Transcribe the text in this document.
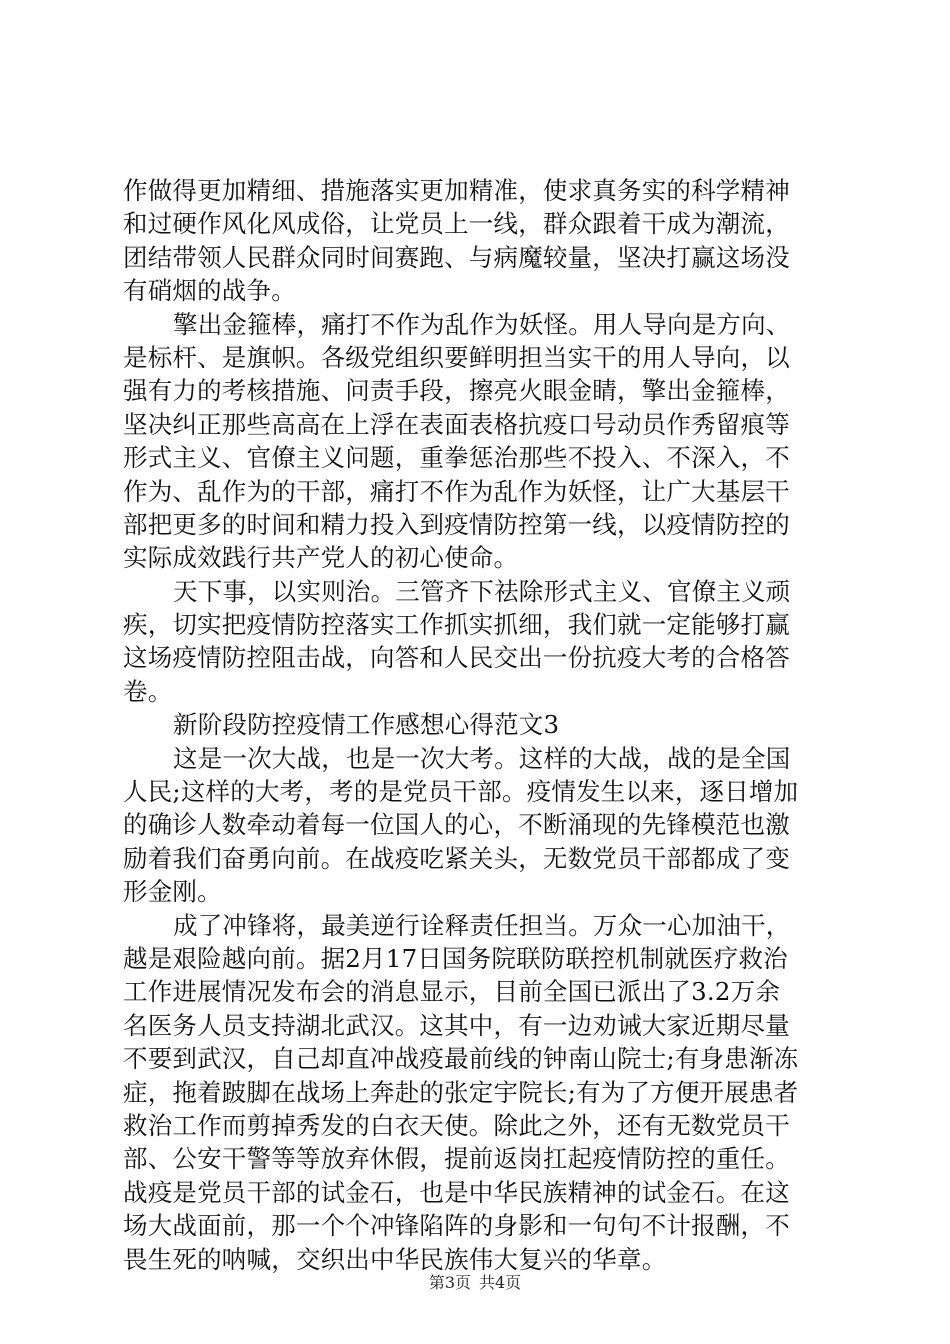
作做得更加精细、措施落实更加精准，使求真务实的科学精神
和过硬作风化风成俗，让党员上一线，群众跟着干成为潮流，
团结带领人民群众同时间赛跑、与病魔较量，坚决打赢这场没
有硝烟的战争。
擎出金箍棒，痛打不作为乱作为妖怪。用人导向是方向、
是标杆、是旗帜。各级党组织要鲜明担当实干的用人导向，以
强有力的考核措施、问责手段，擦亮火眼金睛，擎出金箍棒，
坚决纠正那些高高在上浮在表面表格抗疫口号动员作秀留痕等
形式主义、官僚主义问题，重拳惩治那些不投入、不深入，不
作为、乱作为的干部，痛打不作为乱作为妖怪，让广大基层干
部把更多的时间和精力投入到疫情防控第一线，以疫情防控的
实际成效践行共产党人的初心使命。
天下事，以实则治。三管齐下祛除形式主义、官僚主义顽
疾，切实把疫情防控落实工作抓实抓细，我们就一定能够打赢
这场疫情防控阻击战，向答和人民交出一份抗疫大考的合格答
卷。
新阶段防控疫情工作感想心得范文3
这是一次大战，也是一次大考。这样的大战，战的是全国
人民;这样的大考，考的是党员干部。疫情发生以来，逐日增加
的确诊人数牵动着每一位国人的心，不断涌现的先锋模范也激
励着我们奋勇向前。在战疫吃紧关头，无数党员干部都成了变
形金刚。
成了冲锋将，最美逆行诠释责任担当。万众一心加油干，
越是艰险越向前。据2月17日国务院联防联控机制就医疗救治
工作进展情况发布会的消息显示，目前全国已派出了3.2万余
名医务人员支持湖北武汉。这其中，有一边劝诫大家近期尽量
不要到武汉，自己却直冲战疫最前线的钟南山院士;有身患渐冻
症，拖着跛脚在战场上奔赴的张定宇院长;有为了方便开展患者
救治工作而剪掉秀发的白衣天使。除此之外，还有无数党员干
部、公安干警等等放弃休假，提前返岗扛起疫情防控的重任。
战疫是党员干部的试金石，也是中华民族精神的试金石。在这
场大战面前，那一个个冲锋陷阵的身影和一句句不计报酬，不
畏生死的呐喊，交织出中华民族伟大复兴的华章。
第3页 共4页
